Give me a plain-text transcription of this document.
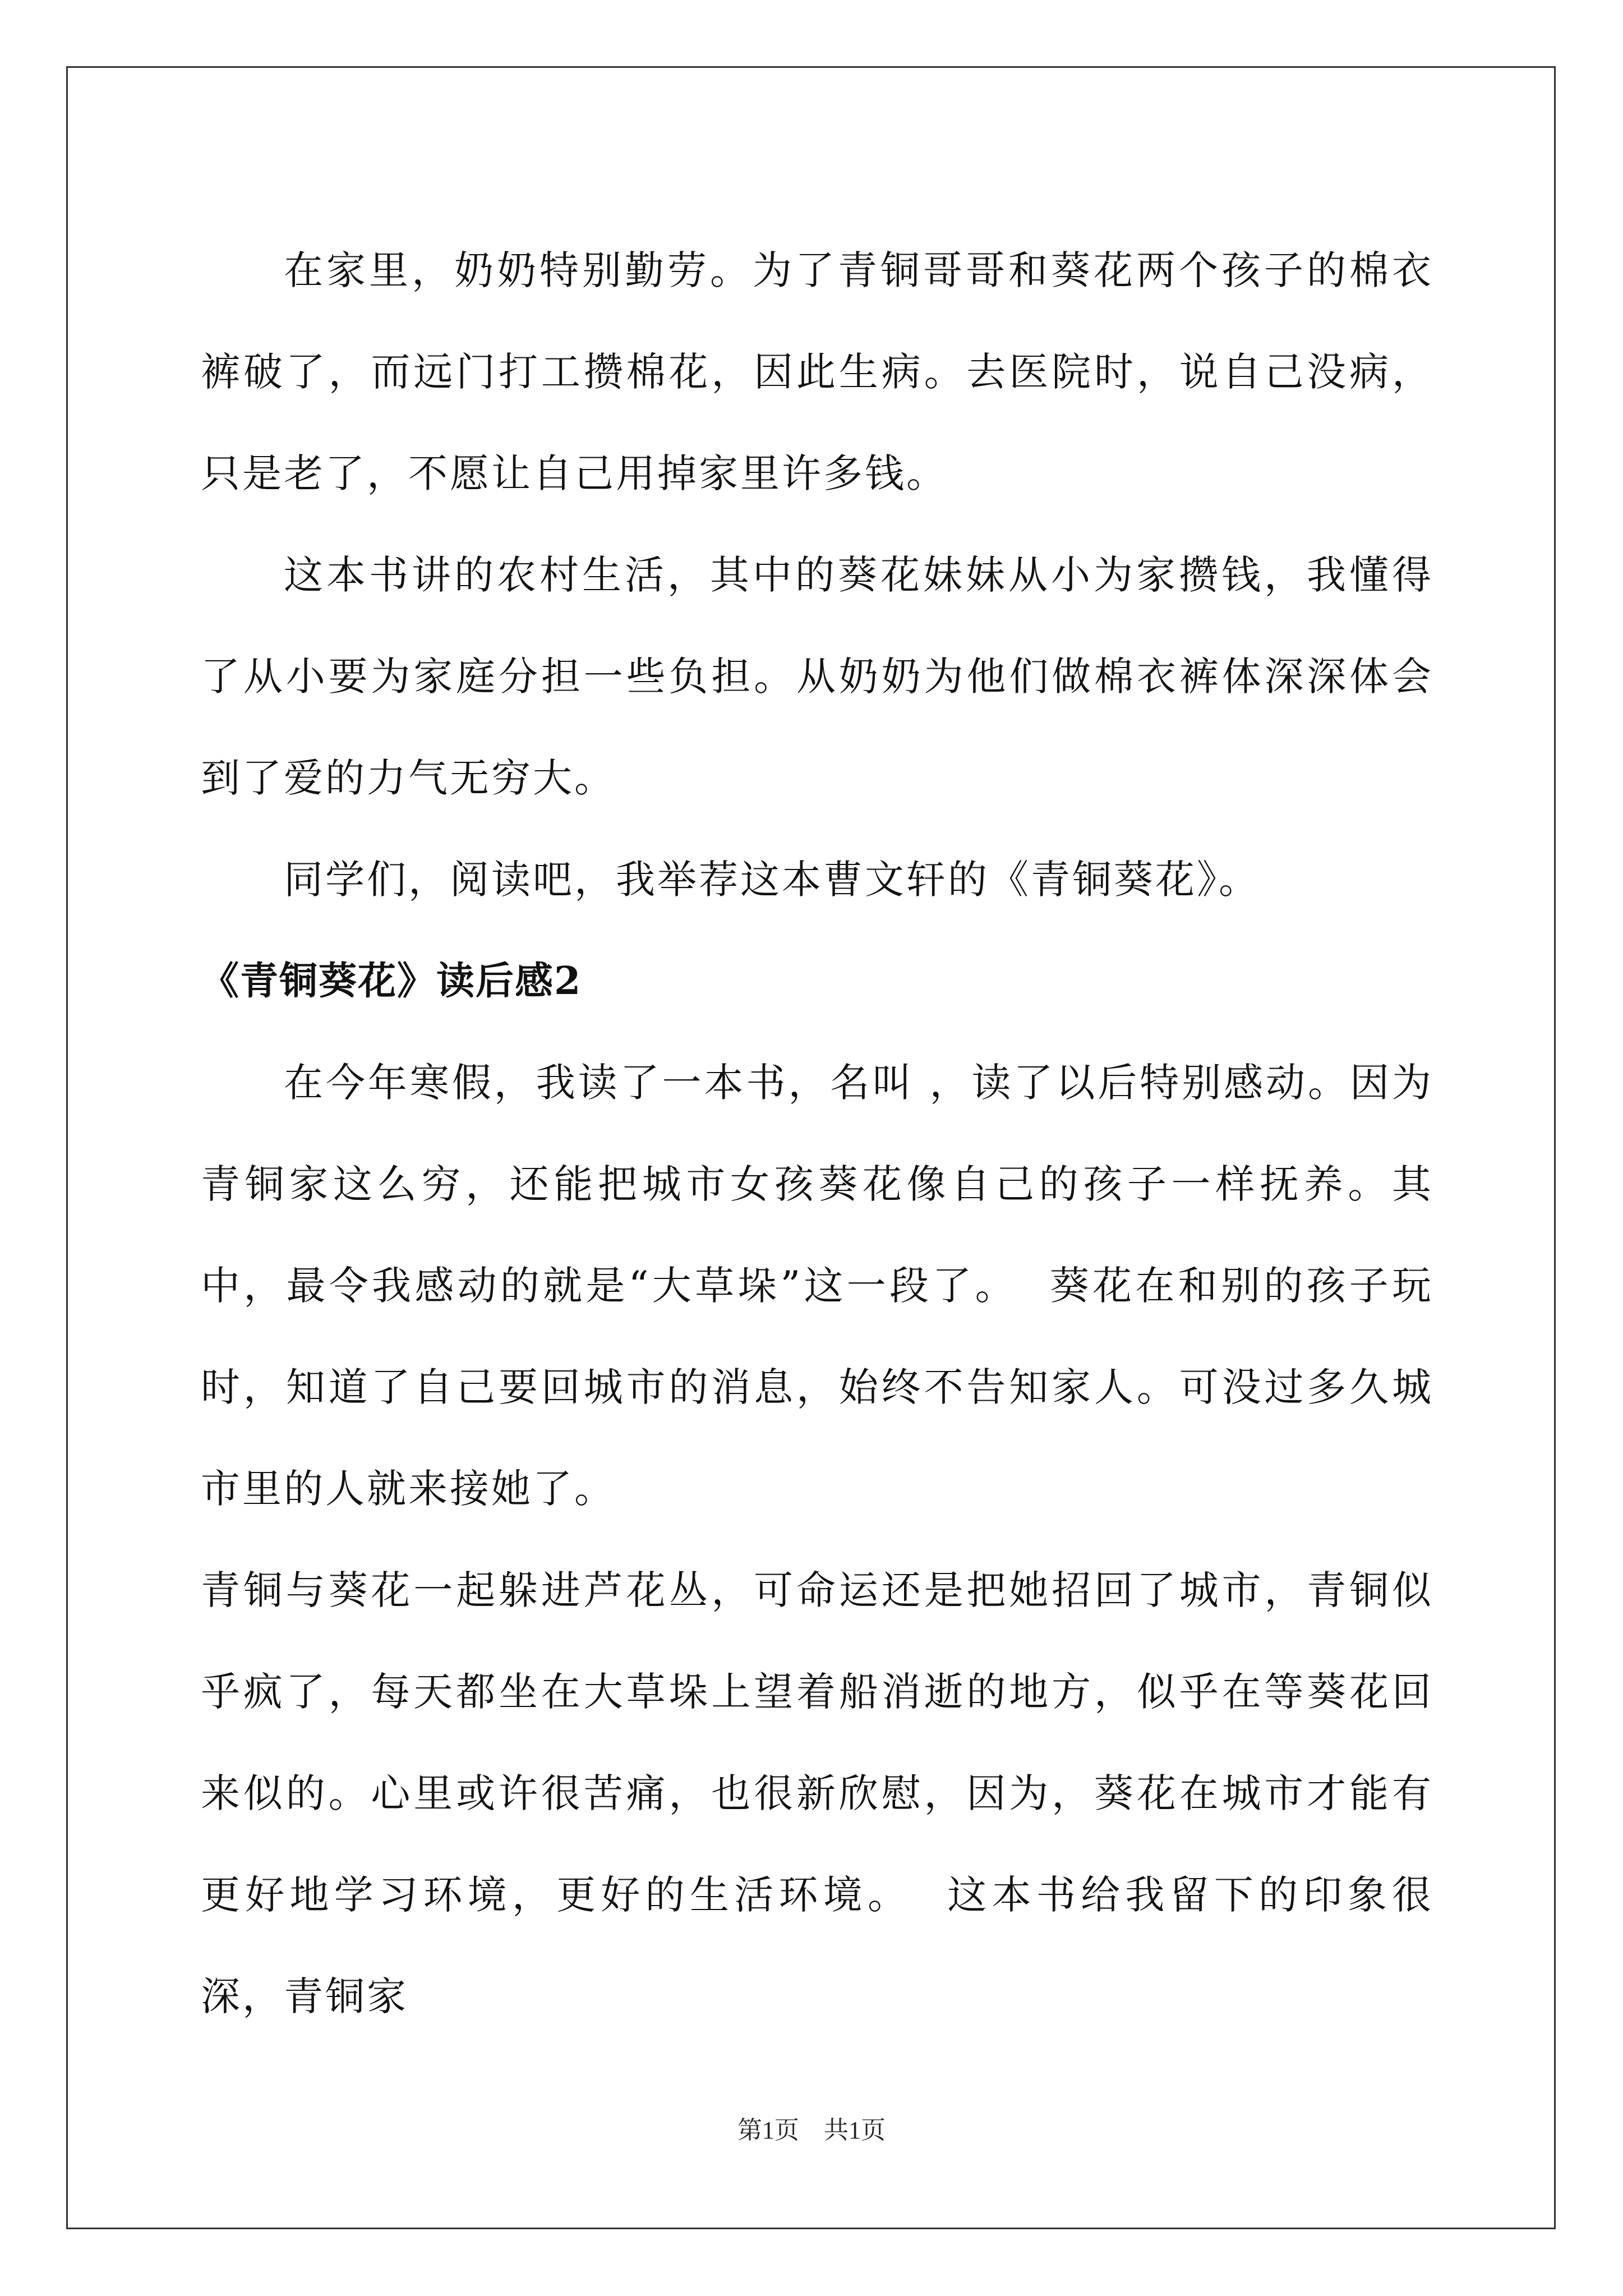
在家里，奶奶特别勤劳。为了青铜哥哥和葵花两个孩子的棉衣裤破了，而远门打工攒棉花，因此生病。去医院时，说自己没病，只是老了，不愿让自己用掉家里许多钱。

这本书讲的农村生活，其中的葵花妹妹从小为家攒钱，我懂得了从小要为家庭分担一些负担。从奶奶为他们做棉衣裤体深深体会到了爱的力气无穷大。

同学们，阅读吧，我举荐这本曹文轩的《青铜葵花》。

《青铜葵花》读后感2

在今年寒假，我读了一本书，名叫 ，读了以后特别感动。因为青铜家这么穷，还能把城市女孩葵花像自己的孩子一样抚养。其中，最令我感动的就是“大草垛”这一段了。  葵花在和别的孩子玩时，知道了自己要回城市的消息，始终不告知家人。可没过多久城市里的人就来接她了。

青铜与葵花一起躲进芦花丛，可命运还是把她招回了城市，青铜似乎疯了，每天都坐在大草垛上望着船消逝的地方，似乎在等葵花回来似的。心里或许很苦痛，也很新欣慰，因为，葵花在城市才能有更好地学习环境，更好的生活环境。  这本书给我留下的印象很深，青铜家

第1页　共1页
